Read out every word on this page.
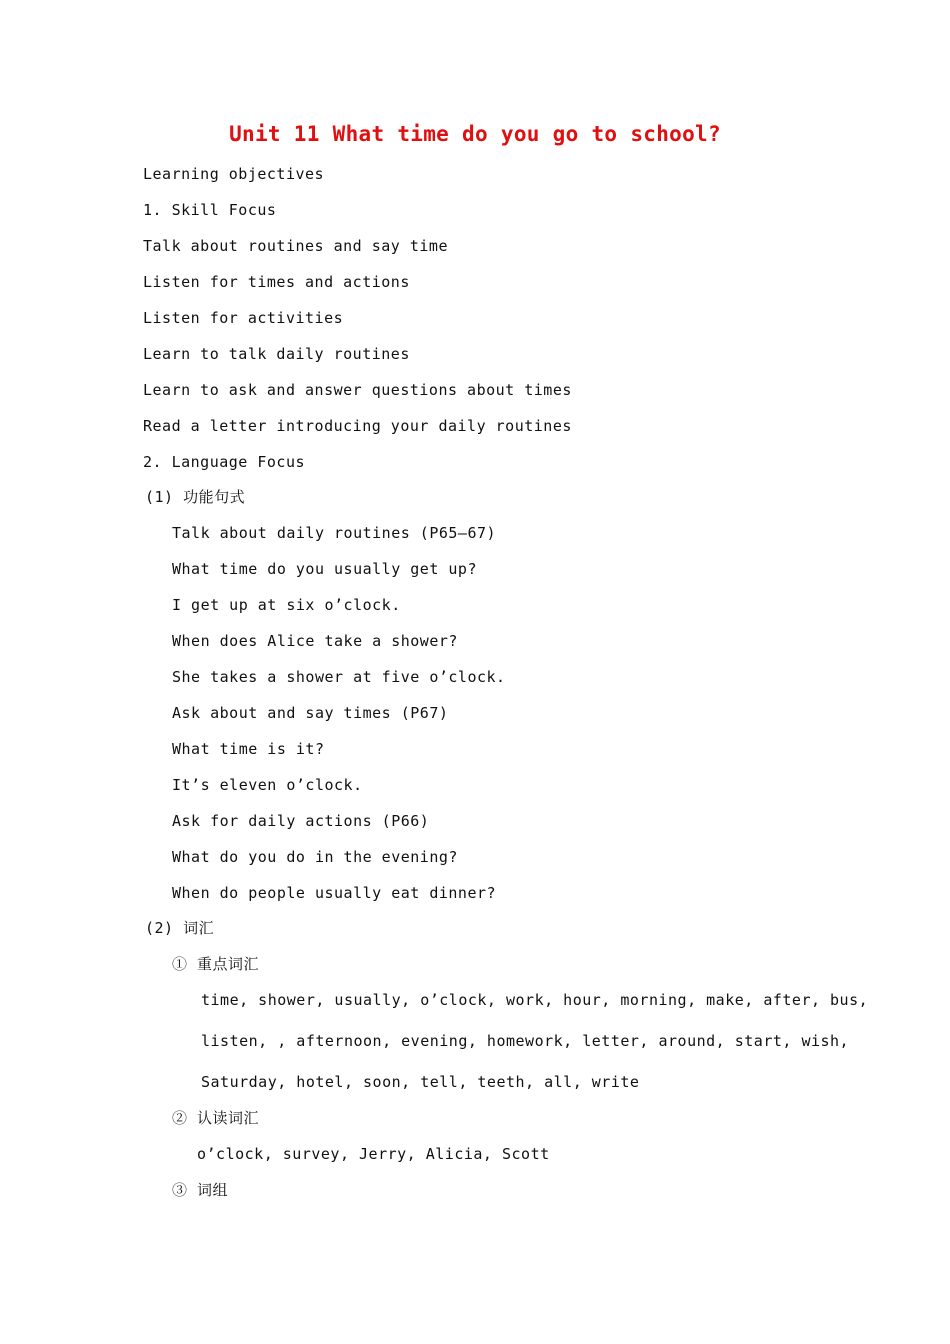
Unit 11 What time do you go to school?
Learning objectives
1. Skill Focus
Talk about routines and say time
Listen for times and actions
Listen for activities
Learn to talk daily routines
Learn to ask and answer questions about times
Read a letter introducing your daily routines
2. Language Focus
(1) 功能句式
Talk about daily routines (P65—67)
What time do you usually get up?
I get up at six o’clock.
When does Alice take a shower?
She takes a shower at five o’clock.
Ask about and say times (P67)
What time is it?
It’s eleven o’clock.
Ask for daily actions (P66)
What do you do in the evening?
When do people usually eat dinner?
(2) 词汇
① 重点词汇
time, shower, usually, o’clock, work, hour, morning, make, after, bus,
listen, , afternoon, evening, homework, letter, around, start, wish,
Saturday, hotel, soon, tell, teeth, all, write
② 认读词汇
o’clock, survey, Jerry, Alicia, Scott
③ 词组
